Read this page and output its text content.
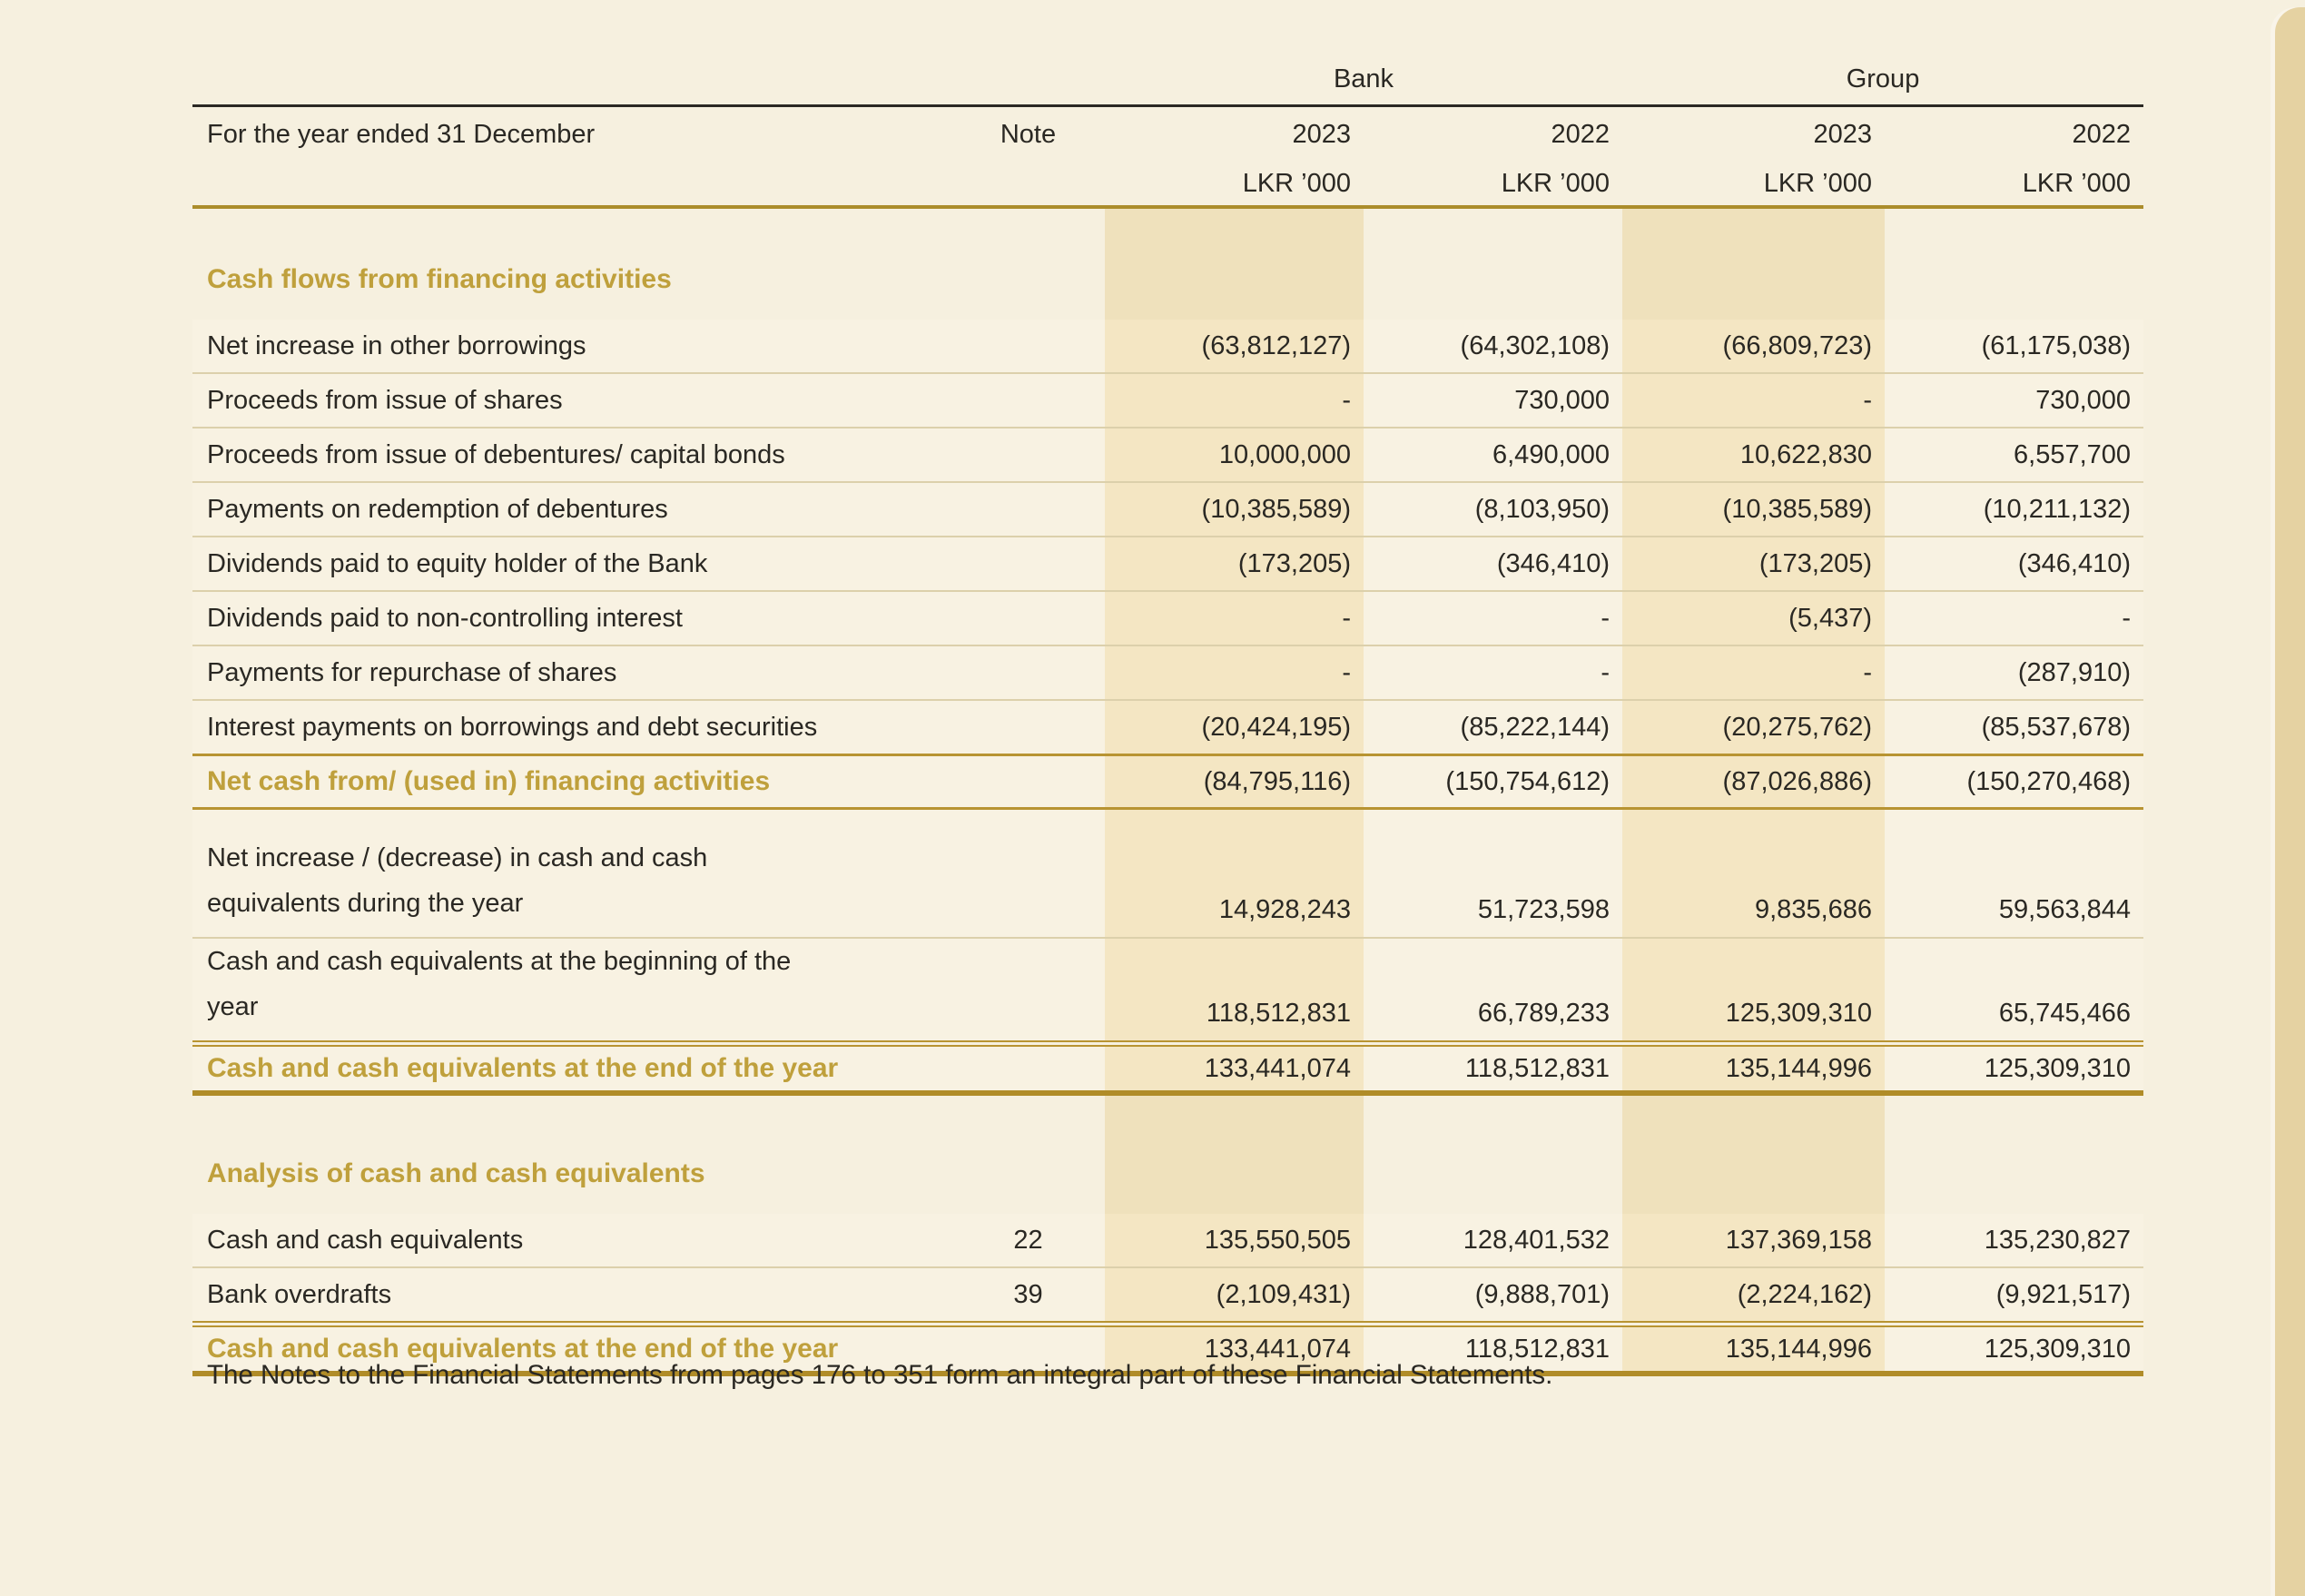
			Bank		Group	
For the year ended 31 December	Note		2023	2022	2023	2022
			LKR ’000	LKR ’000	LKR ’000	LKR ’000
Cash flows from financing activities						
Net increase in other borrowings			(63,812,127)	(64,302,108)	(66,809,723)	(61,175,038)
Proceeds from issue of shares			-	730,000	-	730,000
Proceeds from issue of debentures/ capital bonds			10,000,000	6,490,000	10,622,830	6,557,700
Payments on redemption of debentures			(10,385,589)	(8,103,950)	(10,385,589)	(10,211,132)
Dividends paid to equity holder of the Bank			(173,205)	(346,410)	(173,205)	(346,410)
Dividends paid to non-controlling interest			-	-	(5,437)	-
Payments for repurchase of shares			-	-	-	(287,910)
Interest payments on borrowings and debt securities			(20,424,195)	(85,222,144)	(20,275,762)	(85,537,678)
Net cash from/ (used in) financing activities			(84,795,116)	(150,754,612)	(87,026,886)	(150,270,468)

Net increase / (decrease) in cash and cash
equivalents during the year			14,928,243	51,723,598	9,835,686	59,563,844

Cash and cash equivalents at the beginning of the
year			118,512,831	66,789,233	125,309,310	65,745,466
Cash and cash equivalents at the end of the year			133,441,074	118,512,831	135,144,996	125,309,310
Analysis of cash and cash equivalents						
Cash and cash equivalents	22		135,550,505	128,401,532	137,369,158	135,230,827
Bank overdrafts	39		(2,109,431)	(9,888,701)	(2,224,162)	(9,921,517)
Cash and cash equivalents at the end of the year			133,441,074	118,512,831	135,144,996	125,309,310
The Notes to the Financial Statements from pages 176 to 351 form an integral part of these Financial Statements.
